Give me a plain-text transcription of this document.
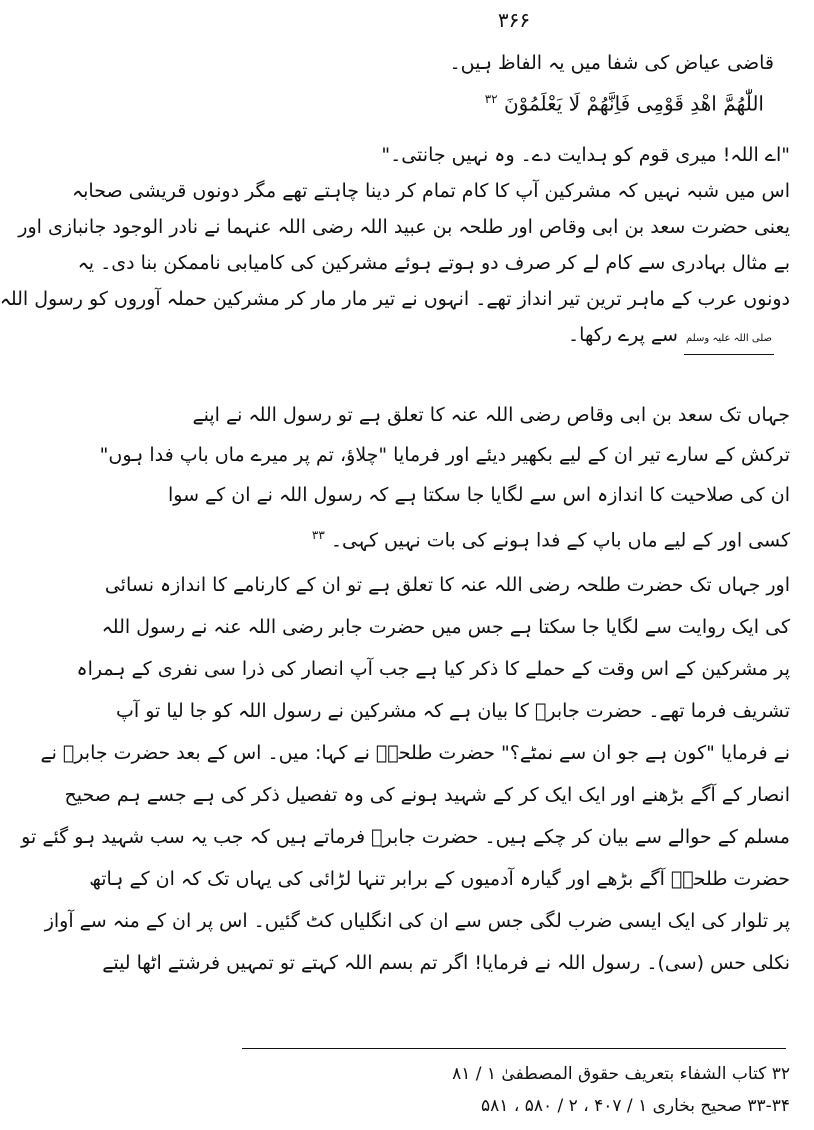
۳۶۶
قاضی عیاض کی شفا میں یہ الفاظ ہیں۔
اللّٰھُمَّ اھْدِ قَوْمِی فَاِنَّھُمْ لَا یَعْلَمُوْنَ $^{۳۲}$
"اے اللہ! میری قوم کو ہدایت دے۔ وہ نہیں جانتی۔"
اس میں شبہ نہیں کہ مشرکین آپ کا کام تمام کر دینا چاہتے تھے مگر دونوں قریشی صحابہ
یعنی حضرت سعد بن ابی وقاص اور طلحہ بن عبید اللہ رضی اللہ عنہما نے نادر الوجود جانبازی اور
بے مثال بہادری سے کام لے کر صرف دو ہوتے ہوئے مشرکین کی کامیابی ناممکن بنا دی۔ یہ
دونوں عرب کے ماہر ترین تیر انداز تھے۔ انہوں نے تیر مار مار کر مشرکین حملہ آوروں کو رسول اللہ
صلی اللہ علیہ وسلم سے پرے رکھا۔
جہاں تک سعد بن ابی وقاص رضی اللہ عنہ کا تعلق ہے تو رسول اللہ نے اپنے
ترکش کے سارے تیر ان کے لیے بکھیر دیئے اور فرمایا "چلاؤ، تم پر میرے ماں باپ فدا ہوں"
ان کی صلاحیت کا اندازہ اس سے لگایا جا سکتا ہے کہ رسول اللہ نے ان کے سوا
کسی اور کے لیے ماں باپ کے فدا ہونے کی بات نہیں کہی۔ $^{۳۳}$
اور جہاں تک حضرت طلحہ رضی اللہ عنہ کا تعلق ہے تو ان کے کارنامے کا اندازہ نسائی
کی ایک روایت سے لگایا جا سکتا ہے جس میں حضرت جابر رضی اللہ عنہ نے رسول اللہ
پر مشرکین کے اس وقت کے حملے کا ذکر کیا ہے جب آپ انصار کی ذرا سی نفری کے ہمراہ
تشریف فرما تھے۔ حضرت جابرؓ کا بیان ہے کہ مشرکین نے رسول اللہ کو جا لیا تو آپ
نے فرمایا "کون ہے جو ان سے نمٹے؟" حضرت طلحہؓ نے کہا: میں۔ اس کے بعد حضرت جابرؓ نے
انصار کے آگے بڑھنے اور ایک ایک کر کے شہید ہونے کی وہ تفصیل ذکر کی ہے جسے ہم صحیح
مسلم کے حوالے سے بیان کر چکے ہیں۔ حضرت جابرؓ فرماتے ہیں کہ جب یہ سب شہید ہو گئے تو
حضرت طلحہؓ آگے بڑھے اور گیارہ آدمیوں کے برابر تنہا لڑائی کی یہاں تک کہ ان کے ہاتھ
پر تلوار کی ایک ایسی ضرب لگی جس سے ان کی انگلیاں کٹ گئیں۔ اس پر ان کے منہ سے آواز
نکلی حس (سی)۔ رسول اللہ نے فرمایا! اگر تم بسم اللہ کہتے تو تمہیں فرشتے اٹھا لیتے
۳۲ کتاب الشفاء بتعریف حقوق المصطفیٰ ۱ / ۸۱
۳۳-۳۴ صحیح بخاری ۱ / ۴۰۷ ، ۲ / ۵۸۰ ، ۵۸۱
